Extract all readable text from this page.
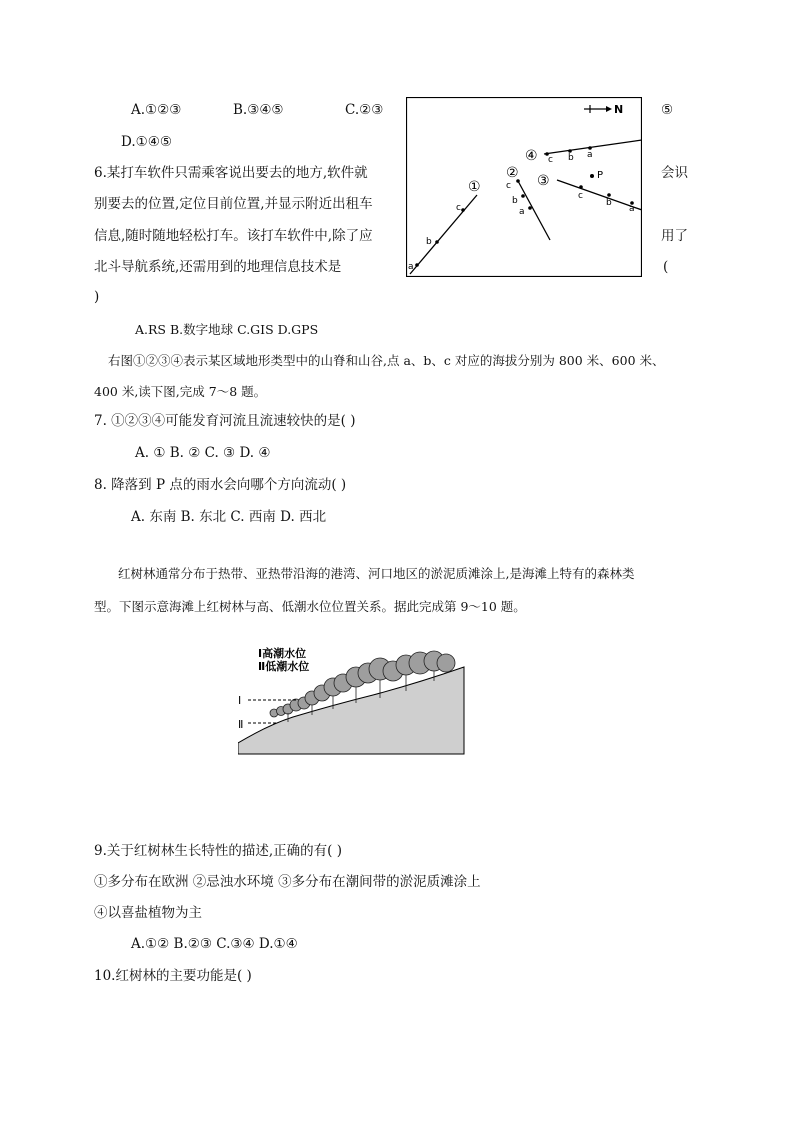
A.①②③	B.③④⑤	C.②③	⑤
D.①④⑤
6.某打车软件只需乘客说出要去的地方,软件就	会识
别要去的位置,定位目前位置,并显示附近出租车
信息,随时随地轻松打车。该打车软件中,除了应	用了
北斗导航系统,还需用到的地理信息技术是	(
)
A.RS B.数字地球 C.GIS D.GPS
N
a
b
c
①
②
c
b
a
③
c
b
a
P
④ c b a
右图①②③④表示某区域地形类型中的山脊和山谷,点 a、b、c 对应的海拔分别为 800 米、600 米、
400 米,读下图,完成 7～8 题。
7. ①②③④可能发育河流且流速较快的是( )
A. ① B. ② C. ③ D. ④
8. 降落到 P 点的雨水会向哪个方向流动( )
A. 东南 B. 东北 C. 西南 D. 西北
红树林通常分布于热带、亚热带沿海的港湾、河口地区的淤泥质滩涂上,是海滩上特有的森林类
型。下图示意海滩上红树林与高、低潮水位位置关系。据此完成第 9～10 题。
Ⅰ
Ⅱ
Ⅰ高潮水位
Ⅱ低潮水位
9.关于红树林生长特性的描述,正确的有( )
①多分布在欧洲 ②忌浊水环境 ③多分布在潮间带的淤泥质滩涂上
④以喜盐植物为主
A.①② B.②③ C.③④ D.①④
10.红树林的主要功能是( )
